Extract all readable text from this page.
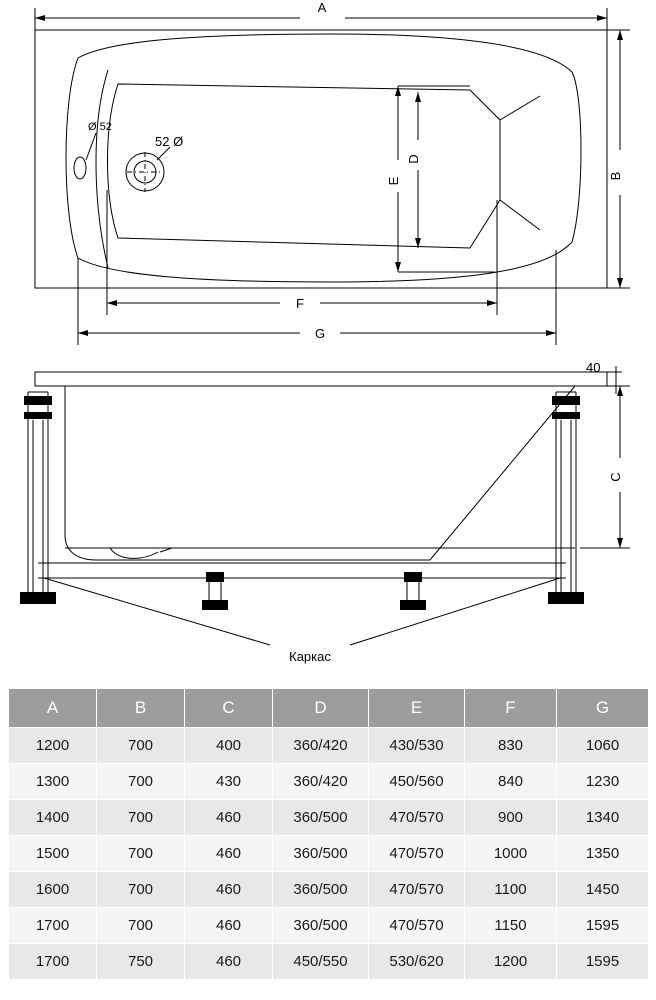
A
B
D
E
F
G
Ø 52
52 Ø
C
40
Каркас
A	B	C	D	E	F	G
1200	700	400	360/420	430/530	830	1060
1300	700	430	360/420	450/560	840	1230
1400	700	460	360/500	470/570	900	1340
1500	700	460	360/500	470/570	1000	1350
1600	700	460	360/500	470/570	1100	1450
1700	700	460	360/500	470/570	1150	1595
1700	750	460	450/550	530/620	1200	1595
